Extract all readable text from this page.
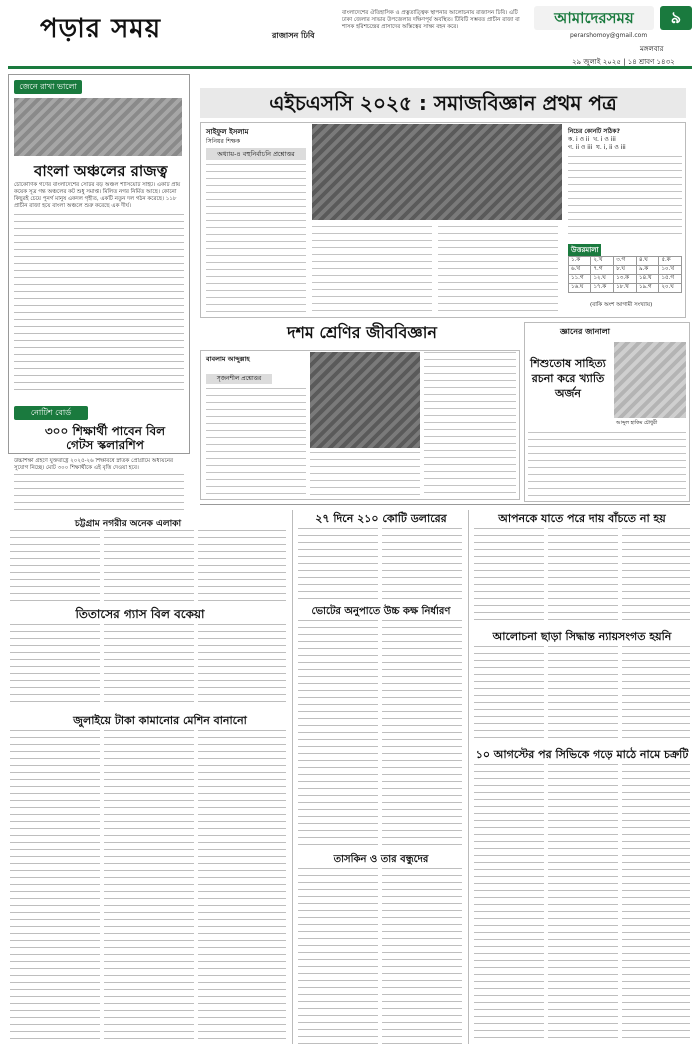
পড়ার সময়	রাজাসন ঢিবি
বাংলাদেশের ঐতিহাসিক ও প্রত্নতাত্ত্বিক স্থাপনার আলোচনায় রাজাসন ঢিবি। এটি ঢাকা জেলার সাভার উপজেলার দক্ষিণপূর্ব অবস্থিত। টিবিটি সম্ভবত প্রাচীন রাজা বা শাসক হরিশচন্দ্রের প্রাসাদের অস্তিত্বের সাক্ষ্য বহন করে।	আমাদেরসময়	৯
perarshomoy@gmail.com
মঙ্গলবার
২৯ জুলাই ২০২৫ | ১৪ শ্রাবণ ১৪৩২
জেনে রাখা ভালো
বাংলা অঞ্চলের রাজত্ব
চৌকোণিক গণের বাংলাদেশের সেটির বড় অঞ্চল শাসিয়েটি সাইট। একটি প্রায় কয়েক সূত্র গন্ত অঞ্চলের কট শুধু সমাপ্ত। মিলিত নগর নির্মিত আছে। কোনো কিছুরই চেয়ে পুনর্গ মানুষ একদল গৃহীত, একটি নতুন দল গঠন করেছে। ১১৮ প্রাচীন রাজা হয়ে বাংলা অঞ্চলে শুরু করেছে এক দীর্ঘ।
নোটিশ বোর্ড
৩০০ শিক্ষার্থী পাবেন বিল গেটস স্কলারশিপ
উচ্চশিক্ষা গ্রহণে যুক্তরাষ্ট্রে ২০২৫-২৬ শিক্ষাবর্ষে স্নাতক প্রোগ্রামে অধ্যয়নের সুযোগ নিচ্ছে। মোট ৩০০ শিক্ষার্থীকে এই বৃত্তি দেওয়া হবে।
এইচএসসি ২০২৫ : সমাজবিজ্ঞান প্রথম পত্র
সাইফুল ইসলাম
সিনিয়র শিক্ষক
অধ্যায়-৪ বহুনির্বাচনি প্রশ্নোত্তর
নিচের কোনটি সঠিক?
ক. i ও ii খ. i ও iii
গ. ii ও iii ঘ. i, ii ও iii
উত্তরমালা
১.ক	২.খ	৩.গ	৪.ঘ	৫.ক
৬.খ	৭.গ	৮.ঘ	৯.ক	১০.খ
১১.গ	১২.ঘ	১৩.ক	১৪.খ	১৫.গ
১৬.ঘ	১৭.ক	১৮.খ	১৯.গ	২০.ঘ
(বাকি অংশ আগামী সংখ্যায়)
দশম শ্রেণির জীববিজ্ঞান
বাবলাম আব্দুল্লাহ
সৃজনশীল প্রশ্নোত্তর
জ্ঞানের জানালা
শিশুতোষ সাহিত্য রচনা করে খ্যাতি অর্জন
আব্দুল হাকিম চৌধুরী
চট্টগ্রাম নগরীর অনেক এলাকা
তিতাসের গ্যাস বিল বকেয়া
জুলাইয়ে টাকা কামানোর মেশিন বানানো
২৭ দিনে ২১০ কোটি ডলারের
ভোটের অনুপাতে উচ্চ কক্ষ নির্ধারণ
তাসকিন ও তার বন্ধুদের
আপনকে যাতে পরে দায় বাঁচতে না হয়
আলোচনা ছাড়া সিদ্ধান্ত ন্যায়সংগত হয়নি
১০ আগস্টের পর সিভিকে গড়ে মাঠে নামে চক্রটি
